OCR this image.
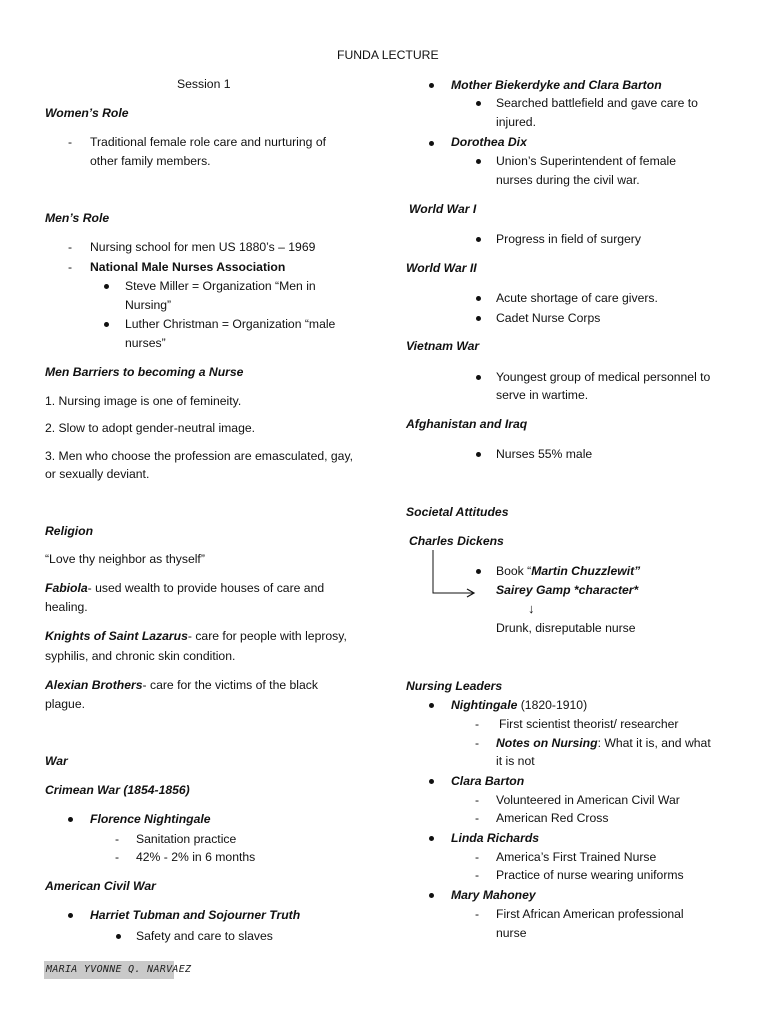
FUNDA LECTURE
Session 1
Women’s Role
- Traditional female role care and nurturing of
other family members.
Men’s Role
- Nursing school for men US 1880’s – 1969
- National Male Nurses Association
Steve Miller = Organization “Men in
Nursing”
Luther Christman = Organization “male
nurses”
Men Barriers to becoming a Nurse
1. Nursing image is one of femineity.
2. Slow to adopt gender-neutral image.
3. Men who choose the profession are emasculated, gay,
or sexually deviant.
Religion
“Love thy neighbor as thyself”
Fabiola- used wealth to provide houses of care and
healing.
Knights of Saint Lazarus- care for people with leprosy,
syphilis, and chronic skin condition.
Alexian Brothers- care for the victims of the black
plague.
War
Crimean War (1854-1856)
Florence Nightingale
- Sanitation practice
- 42% - 2% in 6 months
American Civil War
Harriet Tubman and Sojourner Truth
Safety and care to slaves
MARIA YVONNE Q. NARVAEZ
Mother Biekerdyke and Clara Barton
Searched battlefield and gave care to
injured.
Dorothea Dix
Union’s Superintendent of female
nurses during the civil war.
World War I
Progress in field of surgery
World War II
Acute shortage of care givers.
Cadet Nurse Corps
Vietnam War
Youngest group of medical personnel to
serve in wartime.
Afghanistan and Iraq
Nurses 55% male
Societal Attitudes
Charles Dickens
Book “Martin Chuzzlewit”
Sairey Gamp *character*
↓
Drunk, disreputable nurse
Nursing Leaders
Nightingale (1820-1910)
- First scientist theorist/ researcher
- Notes on Nursing: What it is, and what
it is not
Clara Barton
- Volunteered in American Civil War
- American Red Cross
Linda Richards
- America’s First Trained Nurse
- Practice of nurse wearing uniforms
Mary Mahoney
- First African American professional
nurse
